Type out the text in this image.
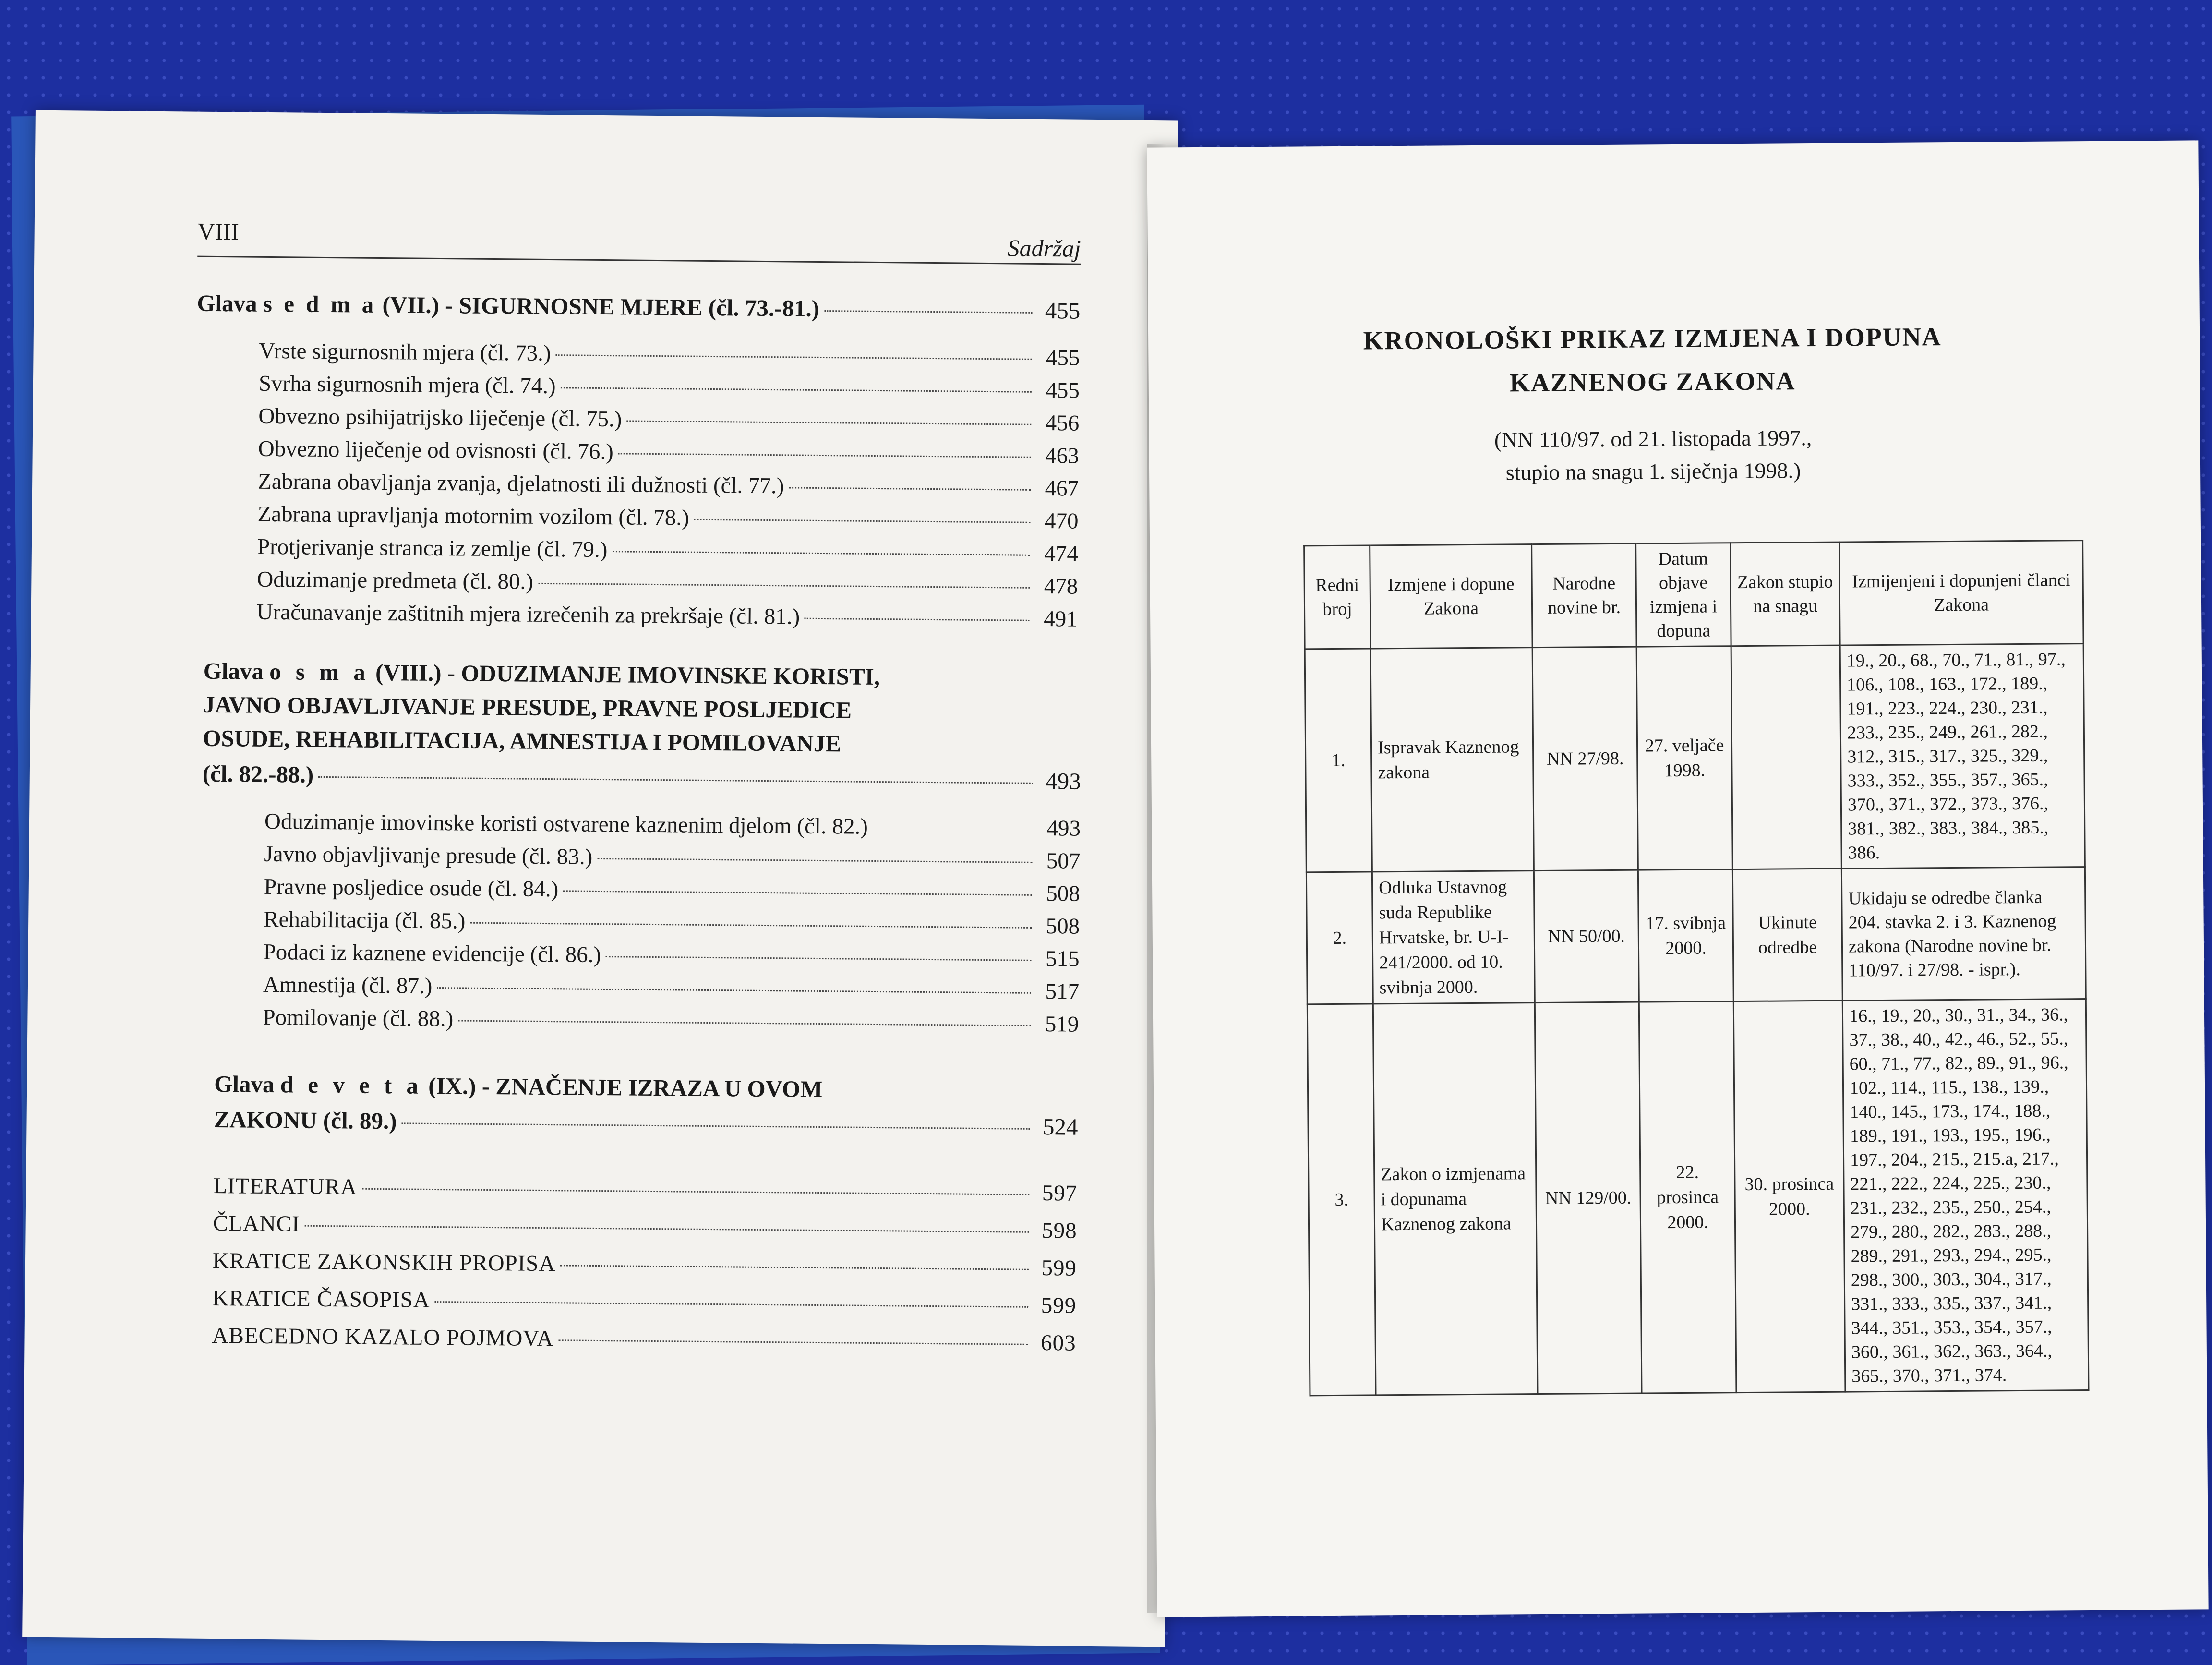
VIII
Sadržaj
Glava s e d m a (VII.) - SIGURNOSNE MJERE (čl. 73.-81.)	455
Vrste sigurnosnih mjera (čl. 73.)	455
Svrha sigurnosnih mjera (čl. 74.)	455
Obvezno psihijatrijsko liječenje (čl. 75.)	456
Obvezno liječenje od ovisnosti (čl. 76.)	463
Zabrana obavljanja zvanja, djelatnosti ili dužnosti (čl. 77.)	467
Zabrana upravljanja motornim vozilom (čl. 78.)	470
Protjerivanje stranca iz zemlje (čl. 79.)	474
Oduzimanje predmeta (čl. 80.)	478
Uračunavanje zaštitnih mjera izrečenih za prekršaje (čl. 81.)	491
Glava o s m a (VIII.) - ODUZIMANJE IMOVINSKE KORISTI,
JAVNO OBJAVLJIVANJE PRESUDE, PRAVNE POSLJEDICE
OSUDE, REHABILITACIJA, AMNESTIJA I POMILOVANJE
(čl. 82.-88.)	493
Oduzimanje imovinske koristi ostvarene kaznenim djelom (čl. 82.)	493
Javno objavljivanje presude (čl. 83.)	507
Pravne posljedice osude (čl. 84.)	508
Rehabilitacija (čl. 85.)	508
Podaci iz kaznene evidencije (čl. 86.)	515
Amnestija (čl. 87.)	517
Pomilovanje (čl. 88.)	519
Glava d e v e t a (IX.) - ZNAČENJE IZRAZA U OVOM
ZAKONU (čl. 89.)	524
LITERATURA	597
ČLANCI	598
KRATICE ZAKONSKIH PROPISA	599
KRATICE ČASOPISA	599
ABECEDNO KAZALO POJMOVA	603
KRONOLOŠKI PRIKAZ IZMJENA I DOPUNA
KAZNENOG ZAKONA
(NN 110/97. od 21. listopada 1997.,
stupio na snagu 1. siječnja 1998.)
Redni broj	Izmjene i dopune Zakona	Narodne novine br.	Datum objave izmjena i dopuna	Zakon stupio na snagu	Izmijenjeni i dopunjeni članci Zakona
1.	Ispravak Kaznenog zakona	NN 27/98.	27. veljače 1998.		19., 20., 68., 70., 71., 81., 97., 106., 108., 163., 172., 189., 191., 223., 224., 230., 231., 233., 235., 249., 261., 282., 312., 315., 317., 325., 329., 333., 352., 355., 357., 365., 370., 371., 372., 373., 376., 381., 382., 383., 384., 385., 386.
2.	Odluka Ustavnog suda Republike Hrvatske, br. U-I-241/2000. od 10. svibnja 2000.	NN 50/00.	17. svibnja 2000.	Ukinute odredbe	Ukidaju se odredbe članka 204. stavka 2. i 3. Kaznenog zakona (Narodne novine br. 110/97. i 27/98. - ispr.).
3.	Zakon o izmjenama i dopunama Kaznenog zakona	NN 129/00.	22. prosinca 2000.	30. prosinca 2000.	16., 19., 20., 30., 31., 34., 36., 37., 38., 40., 42., 46., 52., 55., 60., 71., 77., 82., 89., 91., 96., 102., 114., 115., 138., 139., 140., 145., 173., 174., 188., 189., 191., 193., 195., 196., 197., 204., 215., 215.a, 217., 221., 222., 224., 225., 230., 231., 232., 235., 250., 254., 279., 280., 282., 283., 288., 289., 291., 293., 294., 295., 298., 300., 303., 304., 317., 331., 333., 335., 337., 341., 344., 351., 353., 354., 357., 360., 361., 362., 363., 364., 365., 370., 371., 374.
